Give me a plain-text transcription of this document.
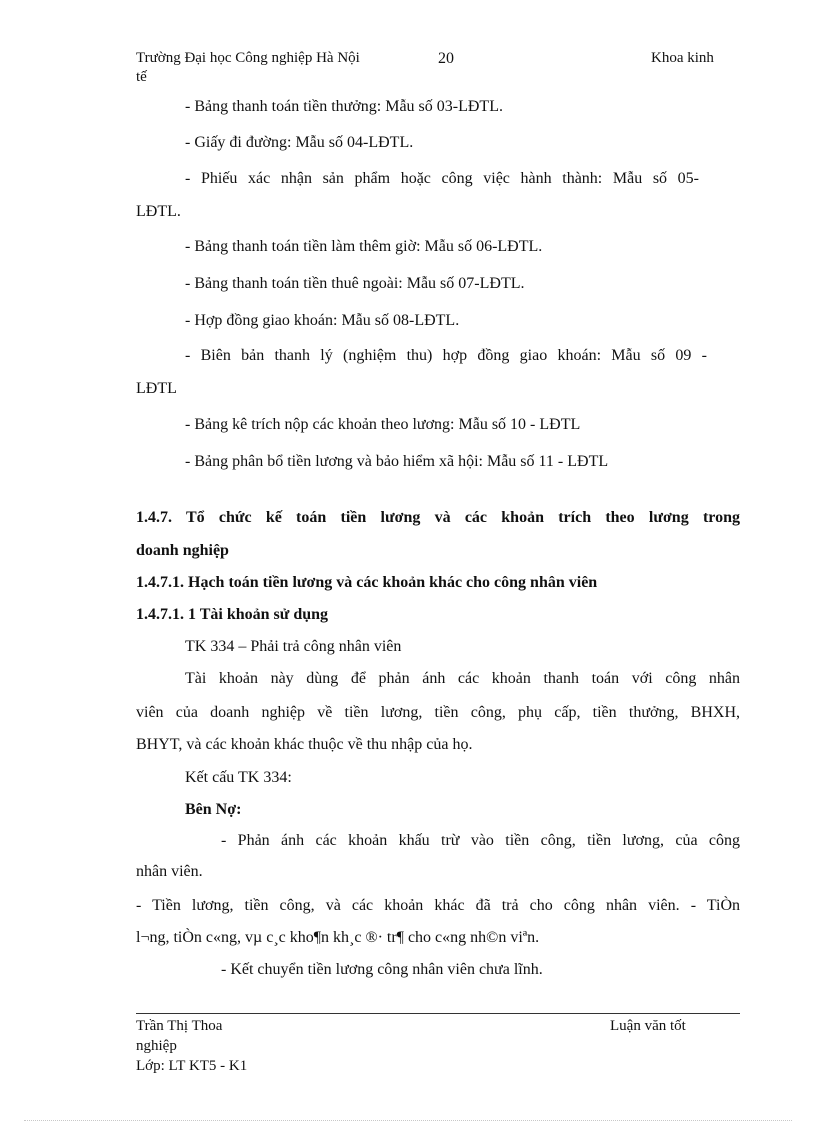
Trường Đại học Công nghiệp Hà Nội	20	Khoa kinh
tế
- Bảng thanh toán tiền thưởng: Mẫu số 03-LĐTL.
- Giấy đi đường: Mẫu số 04-LĐTL.
- Phiếu xác nhận sản phẩm hoặc công việc hành thành: Mẫu số 05-
LĐTL.
- Bảng thanh toán tiền làm thêm giờ: Mẫu số 06-LĐTL.
- Bảng thanh toán tiền thuê ngoài: Mẫu số 07-LĐTL.
- Hợp đồng giao khoán: Mẫu số 08-LĐTL.
- Biên bản thanh lý (nghiệm thu) hợp đồng giao khoán: Mẫu số 09 -
LĐTL
- Bảng kê trích nộp các khoản theo lương: Mẫu số 10 - LĐTL
- Bảng phân bổ tiền lương và bảo hiểm xã hội: Mẫu số 11 - LĐTL
1.4.7. Tổ chức kế toán tiền lương và các khoản trích theo lương trong
doanh nghiệp
1.4.7.1. Hạch toán tiền lương và các khoản khác cho công nhân viên
1.4.7.1. 1 Tài khoản sử dụng
TK 334 – Phải trả công nhân viên
Tài khoản này dùng để phản ánh các khoản thanh toán với công nhân
viên của doanh nghiệp về tiền lương, tiền công, phụ cấp, tiền thưởng, BHXH,
BHYT, và các khoản khác thuộc về thu nhập của họ.
Kết cấu TK 334:
Bên Nợ:
- Phản ánh các khoản khấu trừ vào tiền công, tiền lương, của công
nhân viên.
- Tiền lương, tiền công, và các khoản khác đã trả cho công nhân viên. - TiÒn
l¬ng, tiÒn c«ng, vµ c¸c kho¶n kh¸c ®· tr¶ cho c«ng nh©n viªn.
- Kết chuyển tiền lương công nhân viên chưa lĩnh.
Trần Thị Thoa	Luận văn tốt
nghiệp
Lớp: LT KT5 - K1
